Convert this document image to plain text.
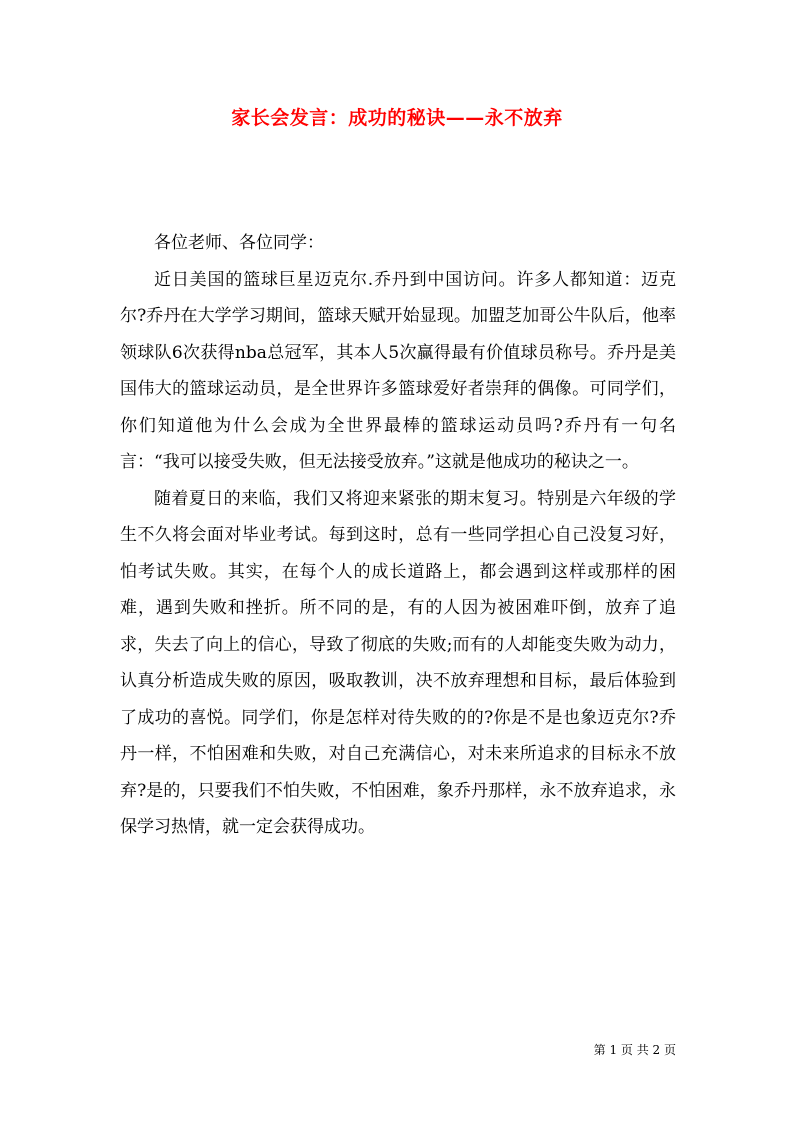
家长会发言：成功的秘诀——永不放弃

各位老师、各位同学：

近日美国的篮球巨星迈克尔.乔丹到中国访问。许多人都知道：迈克尔?乔丹在大学学习期间，篮球天赋开始显现。加盟芝加哥公牛队后，他率领球队6次获得nba总冠军，其本人5次赢得最有价值球员称号。乔丹是美国伟大的篮球运动员，是全世界许多篮球爱好者崇拜的偶像。可同学们，你们知道他为什么会成为全世界最棒的篮球运动员吗?乔丹有一句名言：“我可以接受失败，但无法接受放弃。”这就是他成功的秘诀之一。

随着夏日的来临，我们又将迎来紧张的期末复习。特别是六年级的学生不久将会面对毕业考试。每到这时，总有一些同学担心自己没复习好，怕考试失败。其实，在每个人的成长道路上，都会遇到这样或那样的困难，遇到失败和挫折。所不同的是，有的人因为被困难吓倒，放弃了追求，失去了向上的信心，导致了彻底的失败;而有的人却能变失败为动力，认真分析造成失败的原因，吸取教训，决不放弃理想和目标，最后体验到了成功的喜悦。同学们，你是怎样对待失败的的?你是不是也象迈克尔?乔丹一样，不怕困难和失败，对自己充满信心，对未来所追求的目标永不放弃?是的，只要我们不怕失败，不怕困难，象乔丹那样，永不放弃追求，永保学习热情，就一定会获得成功。

第 1 页 共 2 页
